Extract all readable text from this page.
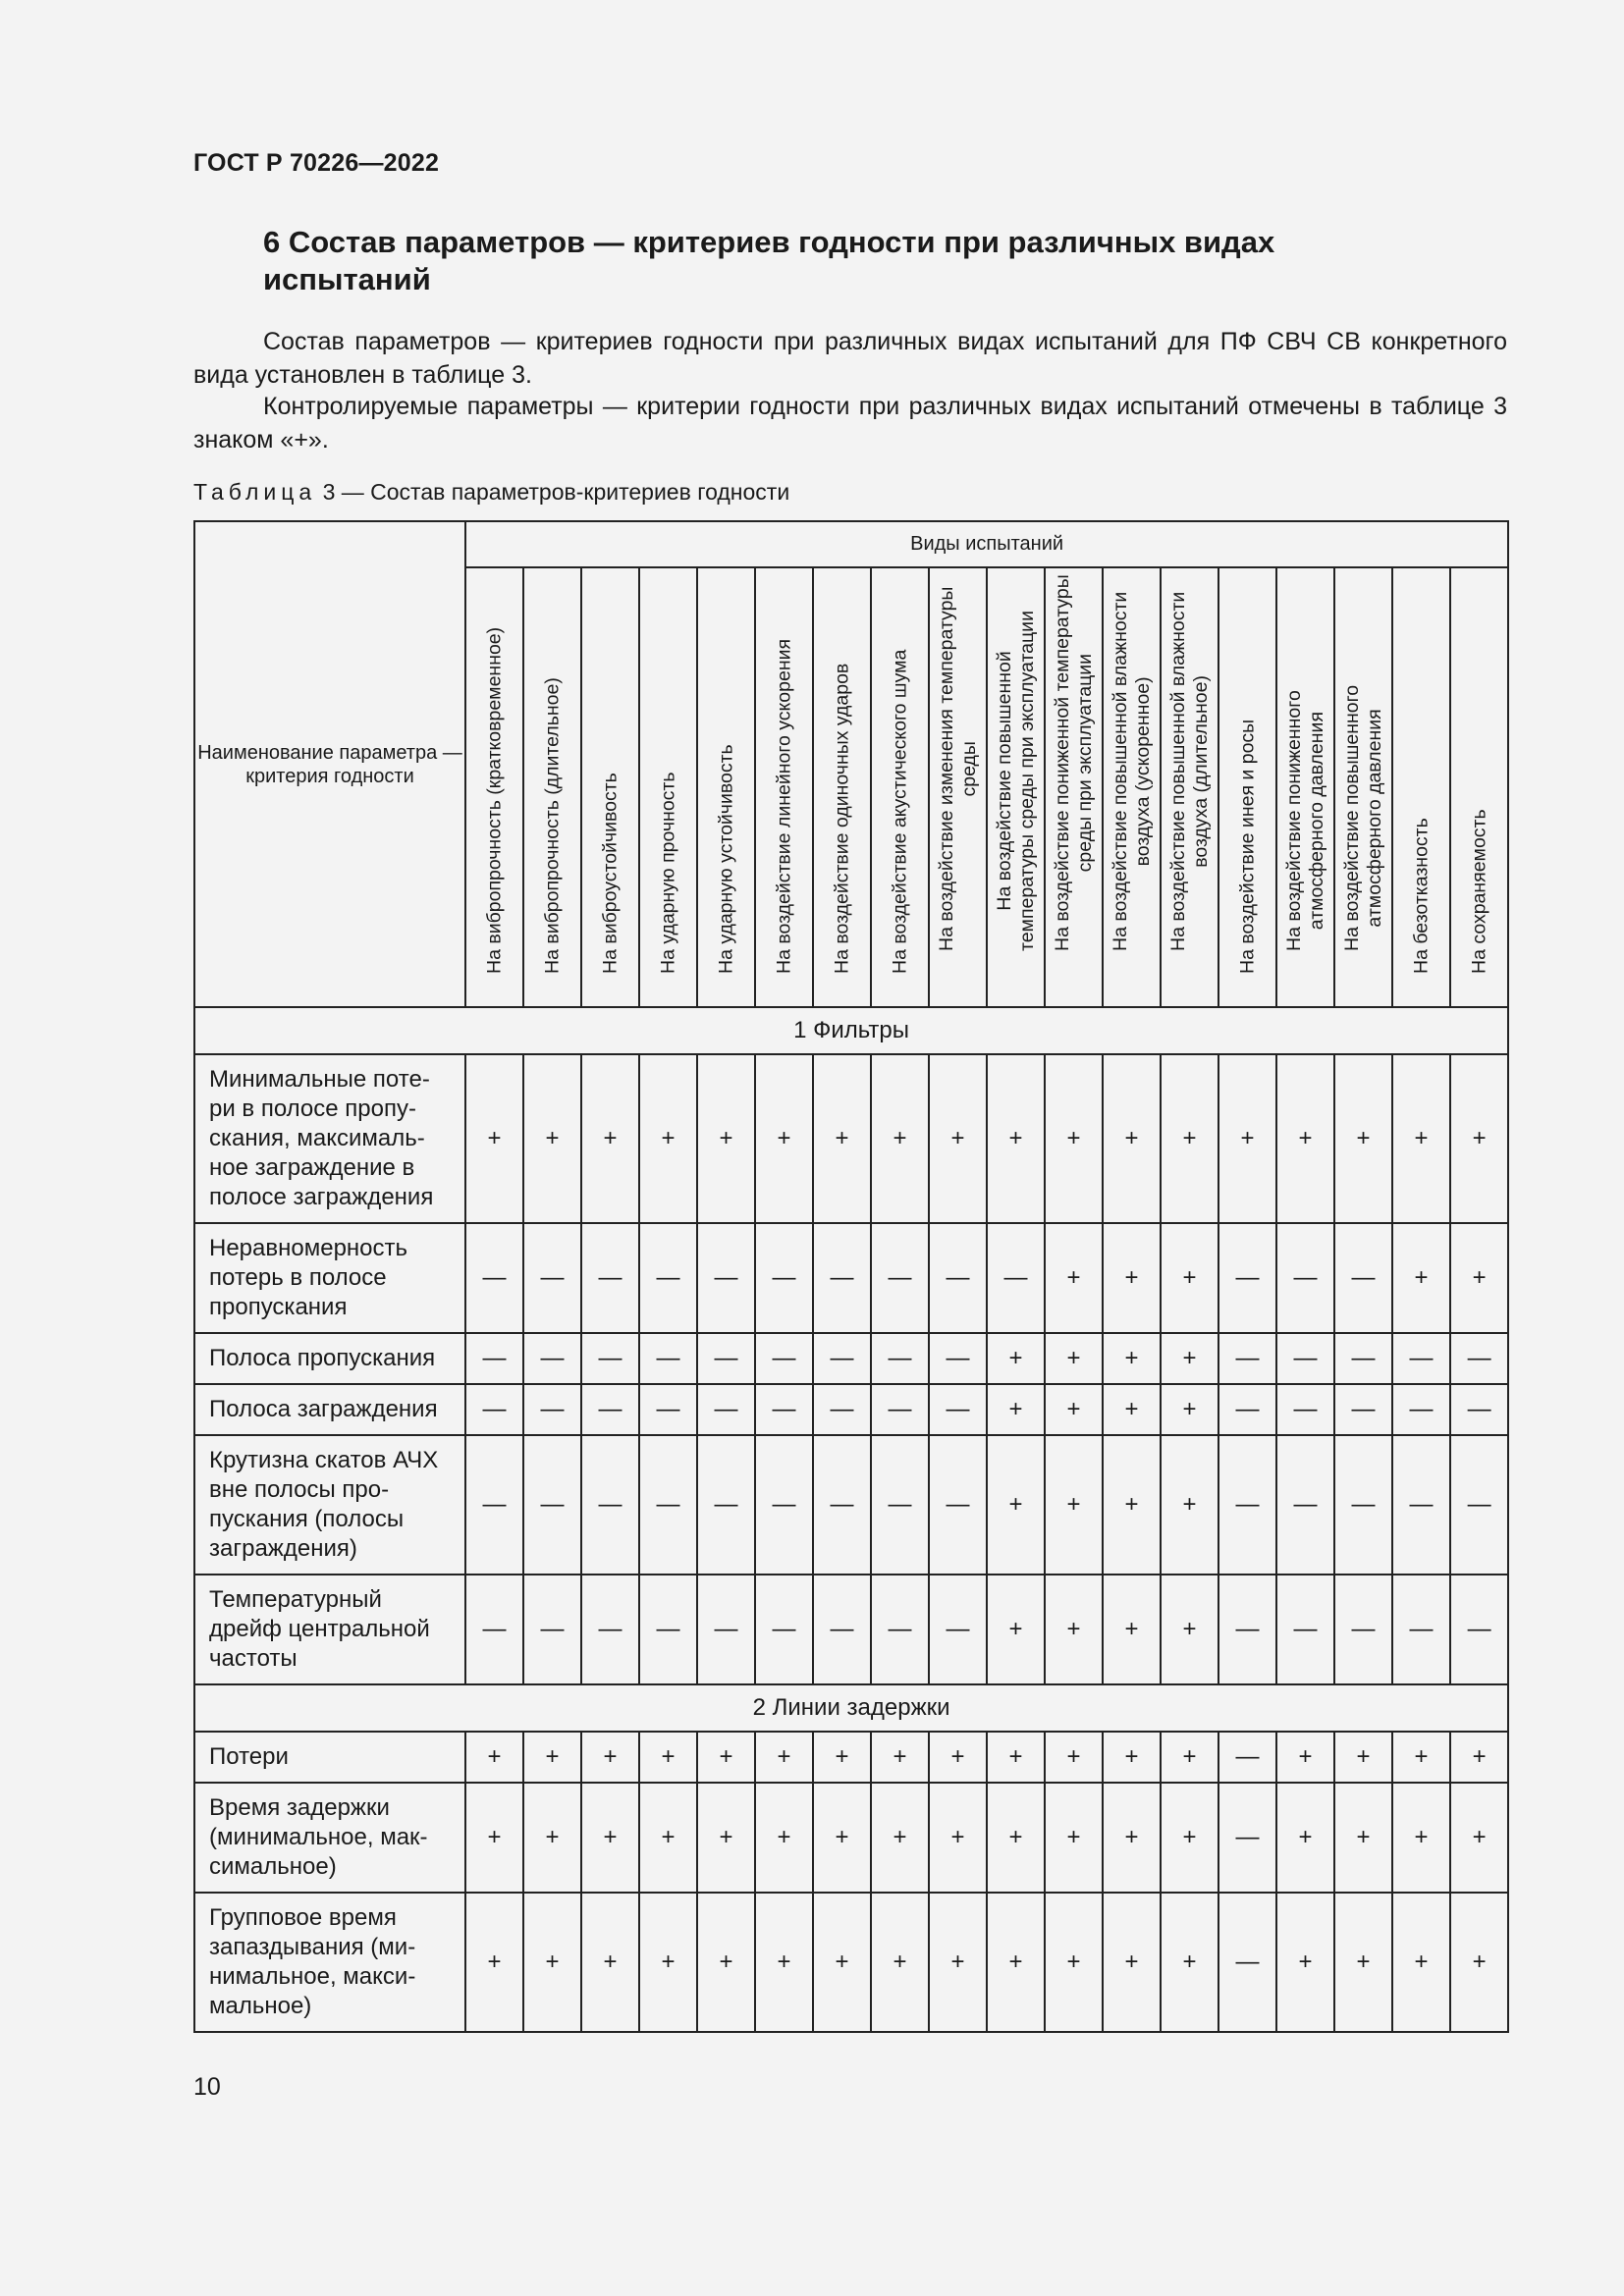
ГОСТ Р 70226—2022
6 Состав параметров — критериев годности при различных видах испытаний

Состав параметров — критериев годности при различных видах испытаний для ПФ СВЧ СВ конкретного вида установлен в таблице 3.

Контролируемые параметры — критерии годности при различных видах испытаний отмечены в таблице 3 знаком «+».

Таблица 3 — Состав параметров-критериев годности
Наименование параметра — критерия годности	Виды испытаний																	

	На вибропрочность (кратковременное)	На вибропрочность (длительное)	На виброустойчивость	На ударную прочность	На ударную устойчивость	На воздействие линейного ускорения	На воздействие одиночных ударов	На воздействие акустического шума	На воздействие изменения температуры
среды	На воздействие повышенной
температуры среды при эксплуатации	На воздействие пониженной температуры
среды при эксплуатации	На воздействие повышенной влажности
воздуха (ускоренное)	На воздействие повышенной влажности
воздуха (длительное)	На воздействие инея и росы	На воздействие пониженного
атмосферного давления	На воздействие повышенного
атмосферного давления	На безотказность	На сохраняемость

1 Фильтры																		
Минимальные поте-
ри в полосе пропу-
скания, максималь-
ное заграждение в
полосе заграждения	+	+	+	+	+	+	+	+	+	+	+	+	+	+	+	+	+	+
Неравномерность
потерь в полосе
пропускания	—	—	—	—	—	—	—	—	—	—	+	+	+	—	—	—	+	+
Полоса пропускания	—	—	—	—	—	—	—	—	—	+	+	+	+	—	—	—	—	—
Полоса заграждения	—	—	—	—	—	—	—	—	—	+	+	+	+	—	—	—	—	—
Крутизна скатов АЧХ
вне полосы про-
пускания (полосы
заграждения)	—	—	—	—	—	—	—	—	—	+	+	+	+	—	—	—	—	—
Температурный
дрейф центральной
частоты	—	—	—	—	—	—	—	—	—	+	+	+	+	—	—	—	—	—
2 Линии задержки																		
Потери	+	+	+	+	+	+	+	+	+	+	+	+	+	—	+	+	+	+
Время задержки
(минимальное, мак-
симальное)	+	+	+	+	+	+	+	+	+	+	+	+	+	—	+	+	+	+
Групповое время
запаздывания (ми-
нимальное, макси-
мальное)	+	+	+	+	+	+	+	+	+	+	+	+	+	—	+	+	+	+
10
